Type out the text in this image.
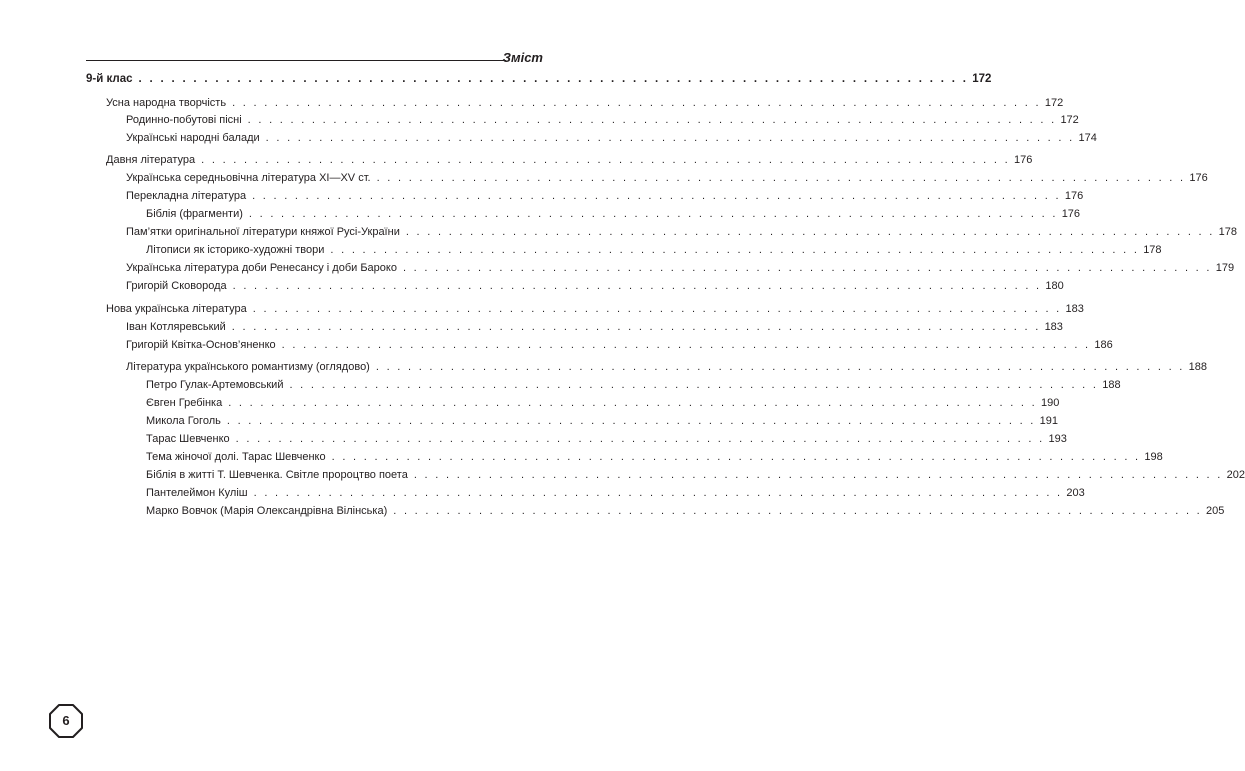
Зміст
9-й клас . . . . . . . . . . . . . . . . . . . . . . . . . . . . . . . . . . . . . . . . . . . . . . . . . . . . . . . . . . . . . . . . . . . . . . . . . . . . 172
Усна народна творчість . . . . . . . . . . . . . . . . . . . . . . . . . . . . . . . . . . . . . . . . . . . . . . . . . . . . . . . . . . . . . . . . . . . . . . . . . . . . 172
Родинно-побутові пісні . . . . . . . . . . . . . . . . . . . . . . . . . . . . . . . . . . . . . . . . . . . . . . . . . . . . . . . . . . . . . . . . . . . . . . . . . . . . 172
Українські народні балади . . . . . . . . . . . . . . . . . . . . . . . . . . . . . . . . . . . . . . . . . . . . . . . . . . . . . . . . . . . . . . . . . . . . . . . . . . . . 174
Давня література . . . . . . . . . . . . . . . . . . . . . . . . . . . . . . . . . . . . . . . . . . . . . . . . . . . . . . . . . . . . . . . . . . . . . . . . . . . . 176
Українська середньовічна література XI—XV ст. . . . . . . . . . . . . . . . . . . . . . . . . . . . . . . . . . . . . . . . . . . . . . . . . . . . . . . . . . . . . . . . . . . . . . . . . . . . . 176
Перекладна література . . . . . . . . . . . . . . . . . . . . . . . . . . . . . . . . . . . . . . . . . . . . . . . . . . . . . . . . . . . . . . . . . . . . . . . . . . . . 176
Біблія (фрагменти) . . . . . . . . . . . . . . . . . . . . . . . . . . . . . . . . . . . . . . . . . . . . . . . . . . . . . . . . . . . . . . . . . . . . . . . . . . . . 176
Пам’ятки оригінальної літератури княжої Русі-України . . . . . . . . . . . . . . . . . . . . . . . . . . . . . . . . . . . . . . . . . . . . . . . . . . . . . . . . . . . . . . . . . . . . . . . . . . . . 178
Літописи як історико-художні твори . . . . . . . . . . . . . . . . . . . . . . . . . . . . . . . . . . . . . . . . . . . . . . . . . . . . . . . . . . . . . . . . . . . . . . . . . . . . 178
Українська література доби Ренесансу і доби Бароко . . . . . . . . . . . . . . . . . . . . . . . . . . . . . . . . . . . . . . . . . . . . . . . . . . . . . . . . . . . . . . . . . . . . . . . . . . . . 179
Григорій Сковорода . . . . . . . . . . . . . . . . . . . . . . . . . . . . . . . . . . . . . . . . . . . . . . . . . . . . . . . . . . . . . . . . . . . . . . . . . . . . 180
Нова українська література . . . . . . . . . . . . . . . . . . . . . . . . . . . . . . . . . . . . . . . . . . . . . . . . . . . . . . . . . . . . . . . . . . . . . . . . . . . . 183
Іван Котляревський . . . . . . . . . . . . . . . . . . . . . . . . . . . . . . . . . . . . . . . . . . . . . . . . . . . . . . . . . . . . . . . . . . . . . . . . . . . . 183
Григорій Квітка-Основ’яненко . . . . . . . . . . . . . . . . . . . . . . . . . . . . . . . . . . . . . . . . . . . . . . . . . . . . . . . . . . . . . . . . . . . . . . . . . . . . 186
Література українського романтизму (оглядово) . . . . . . . . . . . . . . . . . . . . . . . . . . . . . . . . . . . . . . . . . . . . . . . . . . . . . . . . . . . . . . . . . . . . . . . . . . . . 188
Петро Гулак-Артемовський . . . . . . . . . . . . . . . . . . . . . . . . . . . . . . . . . . . . . . . . . . . . . . . . . . . . . . . . . . . . . . . . . . . . . . . . . . . . 188
Євген Гребінка . . . . . . . . . . . . . . . . . . . . . . . . . . . . . . . . . . . . . . . . . . . . . . . . . . . . . . . . . . . . . . . . . . . . . . . . . . . . 190
Микола Гоголь . . . . . . . . . . . . . . . . . . . . . . . . . . . . . . . . . . . . . . . . . . . . . . . . . . . . . . . . . . . . . . . . . . . . . . . . . . . . 191
Тарас Шевченко . . . . . . . . . . . . . . . . . . . . . . . . . . . . . . . . . . . . . . . . . . . . . . . . . . . . . . . . . . . . . . . . . . . . . . . . . . . . 193
Тема жіночої долі. Тарас Шевченко . . . . . . . . . . . . . . . . . . . . . . . . . . . . . . . . . . . . . . . . . . . . . . . . . . . . . . . . . . . . . . . . . . . . . . . . . . . . 198
Біблія в житті Т. Шевченка. Світле пророцтво поета . . . . . . . . . . . . . . . . . . . . . . . . . . . . . . . . . . . . . . . . . . . . . . . . . . . . . . . . . . . . . . . . . . . . . . . . . . . . 202
Пантелеймон Куліш . . . . . . . . . . . . . . . . . . . . . . . . . . . . . . . . . . . . . . . . . . . . . . . . . . . . . . . . . . . . . . . . . . . . . . . . . . . . 203
Марко Вовчок (Марія Олександрівна Вілінська) . . . . . . . . . . . . . . . . . . . . . . . . . . . . . . . . . . . . . . . . . . . . . . . . . . . . . . . . . . . . . . . . . . . . . . . . . . . . 205
6
